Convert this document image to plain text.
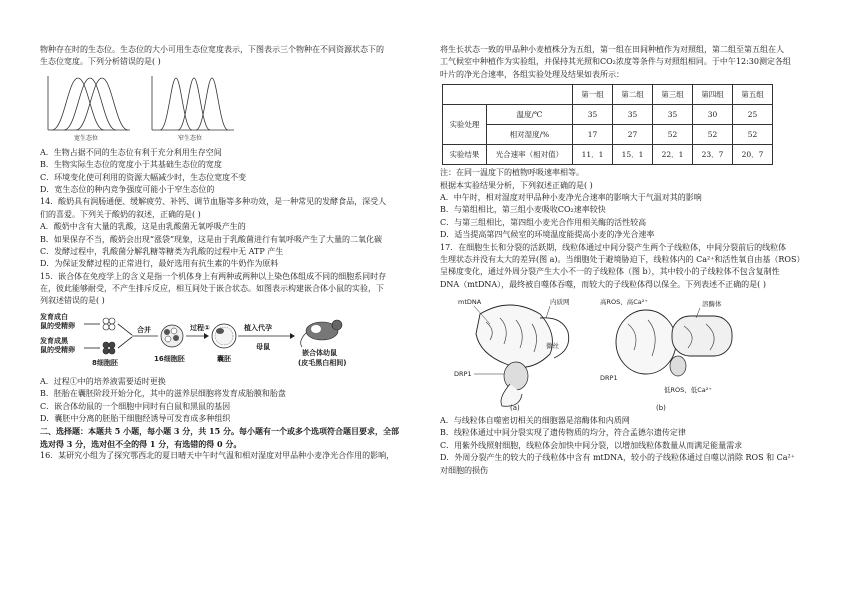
物种存在时的生态位。生态位的大小可用生态位宽度表示，下图表示三个物种在不同资源状态下的

生态位宽度。下列分析错误的是( )

宽生态位	窄生态位

A．生物占据不同的生态位有利于充分利用生存空间

B．生物实际生态位的宽度小于其基础生态位的宽度

C．环境变化使可利用的资源大幅减少时，生态位宽度不变

D．宽生态位的种内竞争强度可能小于窄生态位的

14．酸奶具有润肠通便、缓解疲劳、补钙、调节血脂等多种功效，是一种常见的发酵食品，深受人

们的喜爱。下列关于酸奶的叙述，正确的是( )

A．酸奶中含有大量的乳酸，这是由乳酸菌无氧呼吸产生的

B．如果保存不当，酸奶会出现“涨袋”现象，这是由于乳酸菌进行有氧呼吸产生了大量的二氧化碳

C．发酵过程中，乳酸菌分解乳糖等糖类为乳酸的过程中无 ATP 产生

D．为保证发酵过程的正常进行，最好选用有抗生素的牛奶作为原料

15．嵌合体在免疫学上的含义是指一个机体身上有两种或两种以上染色体组成不同的细胞系同时存

在，彼此能够耐受，不产生排斥反应，相互间处于嵌合状态。如图表示构建嵌合体小鼠的实验，下

列叙述错误的是( )

发育成白
鼠的受精卵
发育成黑
鼠的受精卵
8细胞胚
合并
16细胞胚
过程①
囊胚
植入代孕
母鼠
嵌合体幼鼠
(皮毛黑白相间)

A．过程①中的培养液需要适时更换

B．胚胎在囊胚阶段开始分化，其中的滋养层细胞将发育成胎膜和胎盘

C．嵌合体幼鼠的一个细胞中同时有白鼠和黑鼠的基因

D．囊胚中分离的胚胎干细胞经诱导可发育成多种组织

二、选择题：本题共 5 小题，每小题 3 分，共 15 分。每小题有一个或多个选项符合题目要求，全部

选对得 3 分，选对但不全的得 1 分，有选错的得 0 分。

16．某研究小组为了探究鄂西北的夏日晴天中午时气温和相对湿度对甲品种小麦净光合作用的影响，

将生长状态一致的甲品种小麦植株分为五组，第一组在田间种植作为对照组，第二组至第五组在人

工气候室中种植作为实验组，并保持其光照和CO₂浓度等条件与对照组相同。于中午12:30测定各组

叶片的净光合速率，各组实验处理及结果如表所示：

		第一组	第二组	第三组	第四组	第五组
实验处理	温度/℃	35	35	35	30	25
	相对湿度/%	17	27	52	52	52
实验结果	光合速率（相对值）	11．1	15．1	22．1	23．7	20．7

注：在同一温度下的植物呼吸速率相等。

根据本实验结果分析，下列叙述正确的是( )

A．中午时，相对湿度对甲品种小麦净光合速率的影响大于气温对其的影响

B．与第组相比，第三组小麦吸收CO₂速率较快

C．与第三组相比，第四组小麦光合作用相关酶的活性较高

D．适当提高第四气候室的环境温度能提高小麦的净光合速率

17．在细胞生长和分裂的活跃期，线粒体通过中间分裂产生两个子线粒体，中间分裂前后的线粒体

生理状态并没有太大的差异(图 a)。当细胞处于避境胁迫下，线粒体内的 Ca²⁺和活性氧自由基（ROS）

呈梯度变化，通过外周分裂产生大小不一的子线粒体（图 b），其中较小的子线粒体不包含复制性

DNA（mtDNA），最终被自噬体吞噬，而较大的子线粒体得以保全。下列表述不正确的是( )

mtDNA	内质网
微丝
DRP1
(a)
高ROS、高Ca²⁺	溶酶体
DRP1
低ROS、低Ca²⁺
(b)

A．与线粒体自噬密切相关的细胞器是溶酶体和内质网

B．线粒体通过中间分裂实现了遗传物质的均分，符合孟德尔遗传定律

C．用紫外线照射细胞，线粒体会加快中间分裂，以增加线粒体数量从而满足能量需求

D．外周分裂产生的较大的子线粒体中含有 mtDNA，较小的子线粒体通过自噬以消除 ROS 和 Ca²⁺

对细胞的损伤
